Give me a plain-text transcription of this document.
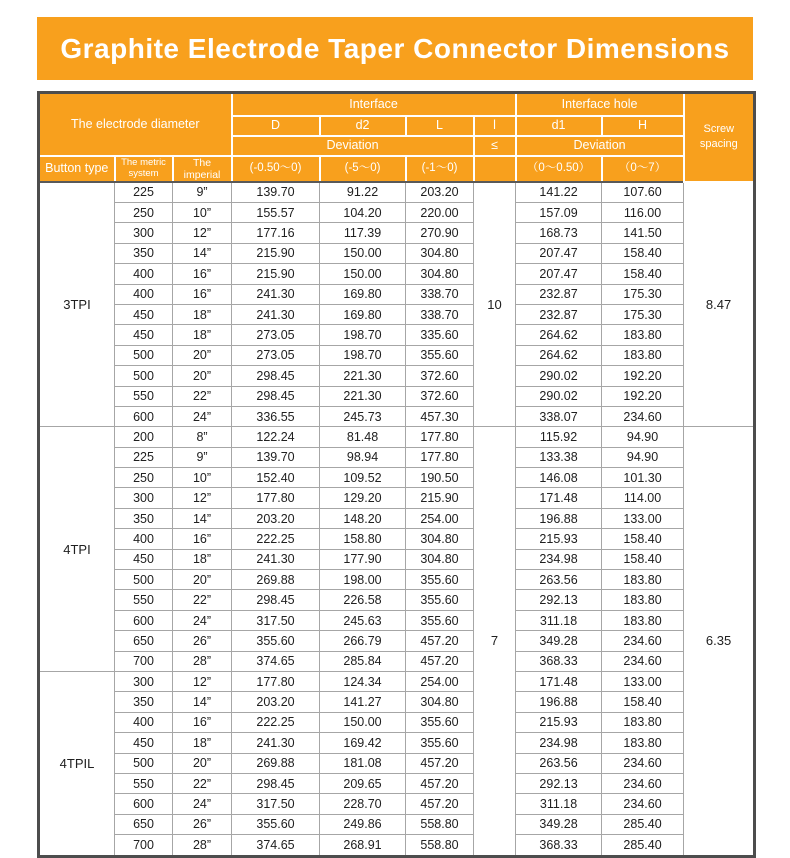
Graphite Electrode Taper Connector Dimensions
The electrode diameter			Interface				Interface hole		Screw spacing
			D	d2	L	l	d1	H	
			Deviation			≤	Deviation		
Button type	The metric system	The imperial	(-0.50～0)	(-5～0)	(-1～0)		（0～0.50）	（0～7）	
3TPI	225	9”	139.70	91.22	203.20	10	141.22	107.60	8.47
	250	10”	155.57	104.20	220.00		157.09	116.00	
	300	12”	177.16	117.39	270.90		168.73	141.50	
	350	14”	215.90	150.00	304.80		207.47	158.40	
	400	16”	215.90	150.00	304.80		207.47	158.40	
	400	16”	241.30	169.80	338.70		232.87	175.30	
	450	18”	241.30	169.80	338.70		232.87	175.30	
	450	18”	273.05	198.70	335.60		264.62	183.80	
	500	20”	273.05	198.70	355.60		264.62	183.80	
	500	20”	298.45	221.30	372.60		290.02	192.20	
	550	22”	298.45	221.30	372.60		290.02	192.20	
	600	24”	336.55	245.73	457.30		338.07	234.60	
4TPI	200	8”	122.24	81.48	177.80	7	115.92	94.90	6.35
	225	9”	139.70	98.94	177.80		133.38	94.90	
	250	10”	152.40	109.52	190.50		146.08	101.30	
	300	12”	177.80	129.20	215.90		171.48	114.00	
	350	14”	203.20	148.20	254.00		196.88	133.00	
	400	16”	222.25	158.80	304.80		215.93	158.40	
	450	18”	241.30	177.90	304.80		234.98	158.40	
	500	20”	269.88	198.00	355.60		263.56	183.80	
	550	22”	298.45	226.58	355.60		292.13	183.80	
	600	24”	317.50	245.63	355.60		311.18	183.80	
	650	26”	355.60	266.79	457.20		349.28	234.60	
	700	28”	374.65	285.84	457.20		368.33	234.60	
4TPIL	300	12”	177.80	124.34	254.00		171.48	133.00	
	350	14”	203.20	141.27	304.80		196.88	158.40	
	400	16”	222.25	150.00	355.60		215.93	183.80	
	450	18”	241.30	169.42	355.60		234.98	183.80	
	500	20”	269.88	181.08	457.20		263.56	234.60	
	550	22”	298.45	209.65	457.20		292.13	234.60	
	600	24”	317.50	228.70	457.20		311.18	234.60	
	650	26”	355.60	249.86	558.80		349.28	285.40	
	700	28”	374.65	268.91	558.80		368.33	285.40	
